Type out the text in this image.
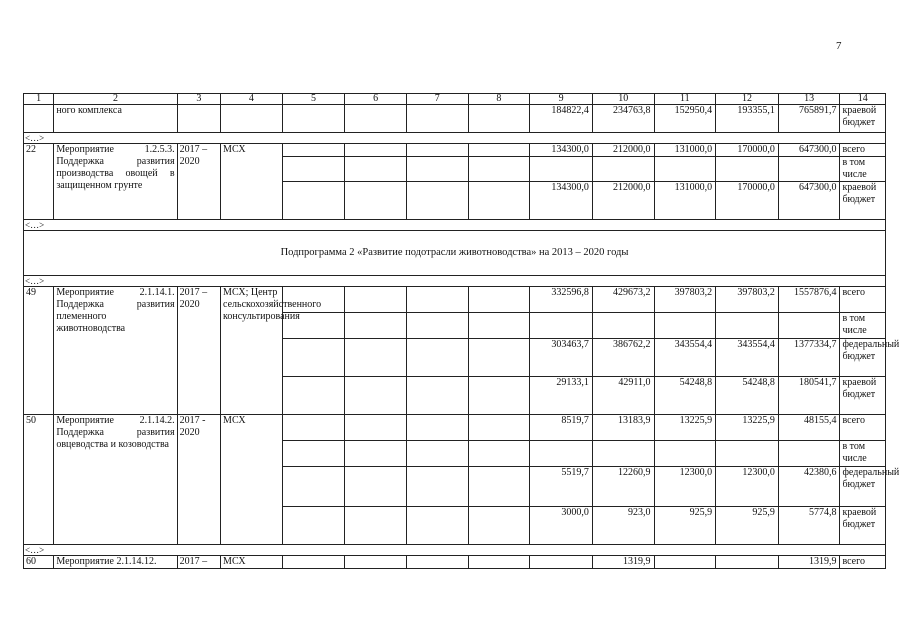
7
1	2	3	4	5	6	7	8	9	10	11	12	13	14
	ного комплекса							184822,4	234763,8	152950,4	193355,1	765891,7	краевой бюджет
<…>													
22	Мероприятие 1.2.5.3. Поддержка развития производства овощей в защищенном грунте	2017 – 2020	МСХ					134300,0	212000,0	131000,0	170000,0	647300,0	всего
													в том числе
								134300,0	212000,0	131000,0	170000,0	647300,0	краевой бюджет
<…>													
Подпрограмма 2 «Развитие подотрасли животноводства» на 2013 – 2020 годы													
<…>													
49	Мероприятие 2.1.14.1. Поддержка развития племенного животноводства	2017 – 2020	МСХ; Центр сельскохозяйственного консультирования					332596,8	429673,2	397803,2	397803,2	1557876,4	всего
													в том числе
								303463,7	386762,2	343554,4	343554,4	1377334,7	федеральный бюджет
								29133,1	42911,0	54248,8	54248,8	180541,7	краевой бюджет
50	Мероприятие 2.1.14.2. Поддержка развития овцеводства и козоводства	2017 - 2020	МСХ					8519,7	13183,9	13225,9	13225,9	48155,4	всего
													в том числе
								5519,7	12260,9	12300,0	12300,0	42380,6	федеральный бюджет
								3000,0	923,0	925,9	925,9	5774,8	краевой бюджет
<…>													
60	Мероприятие 2.1.14.12.	2017 –	МСХ						1319,9			1319,9	всего
